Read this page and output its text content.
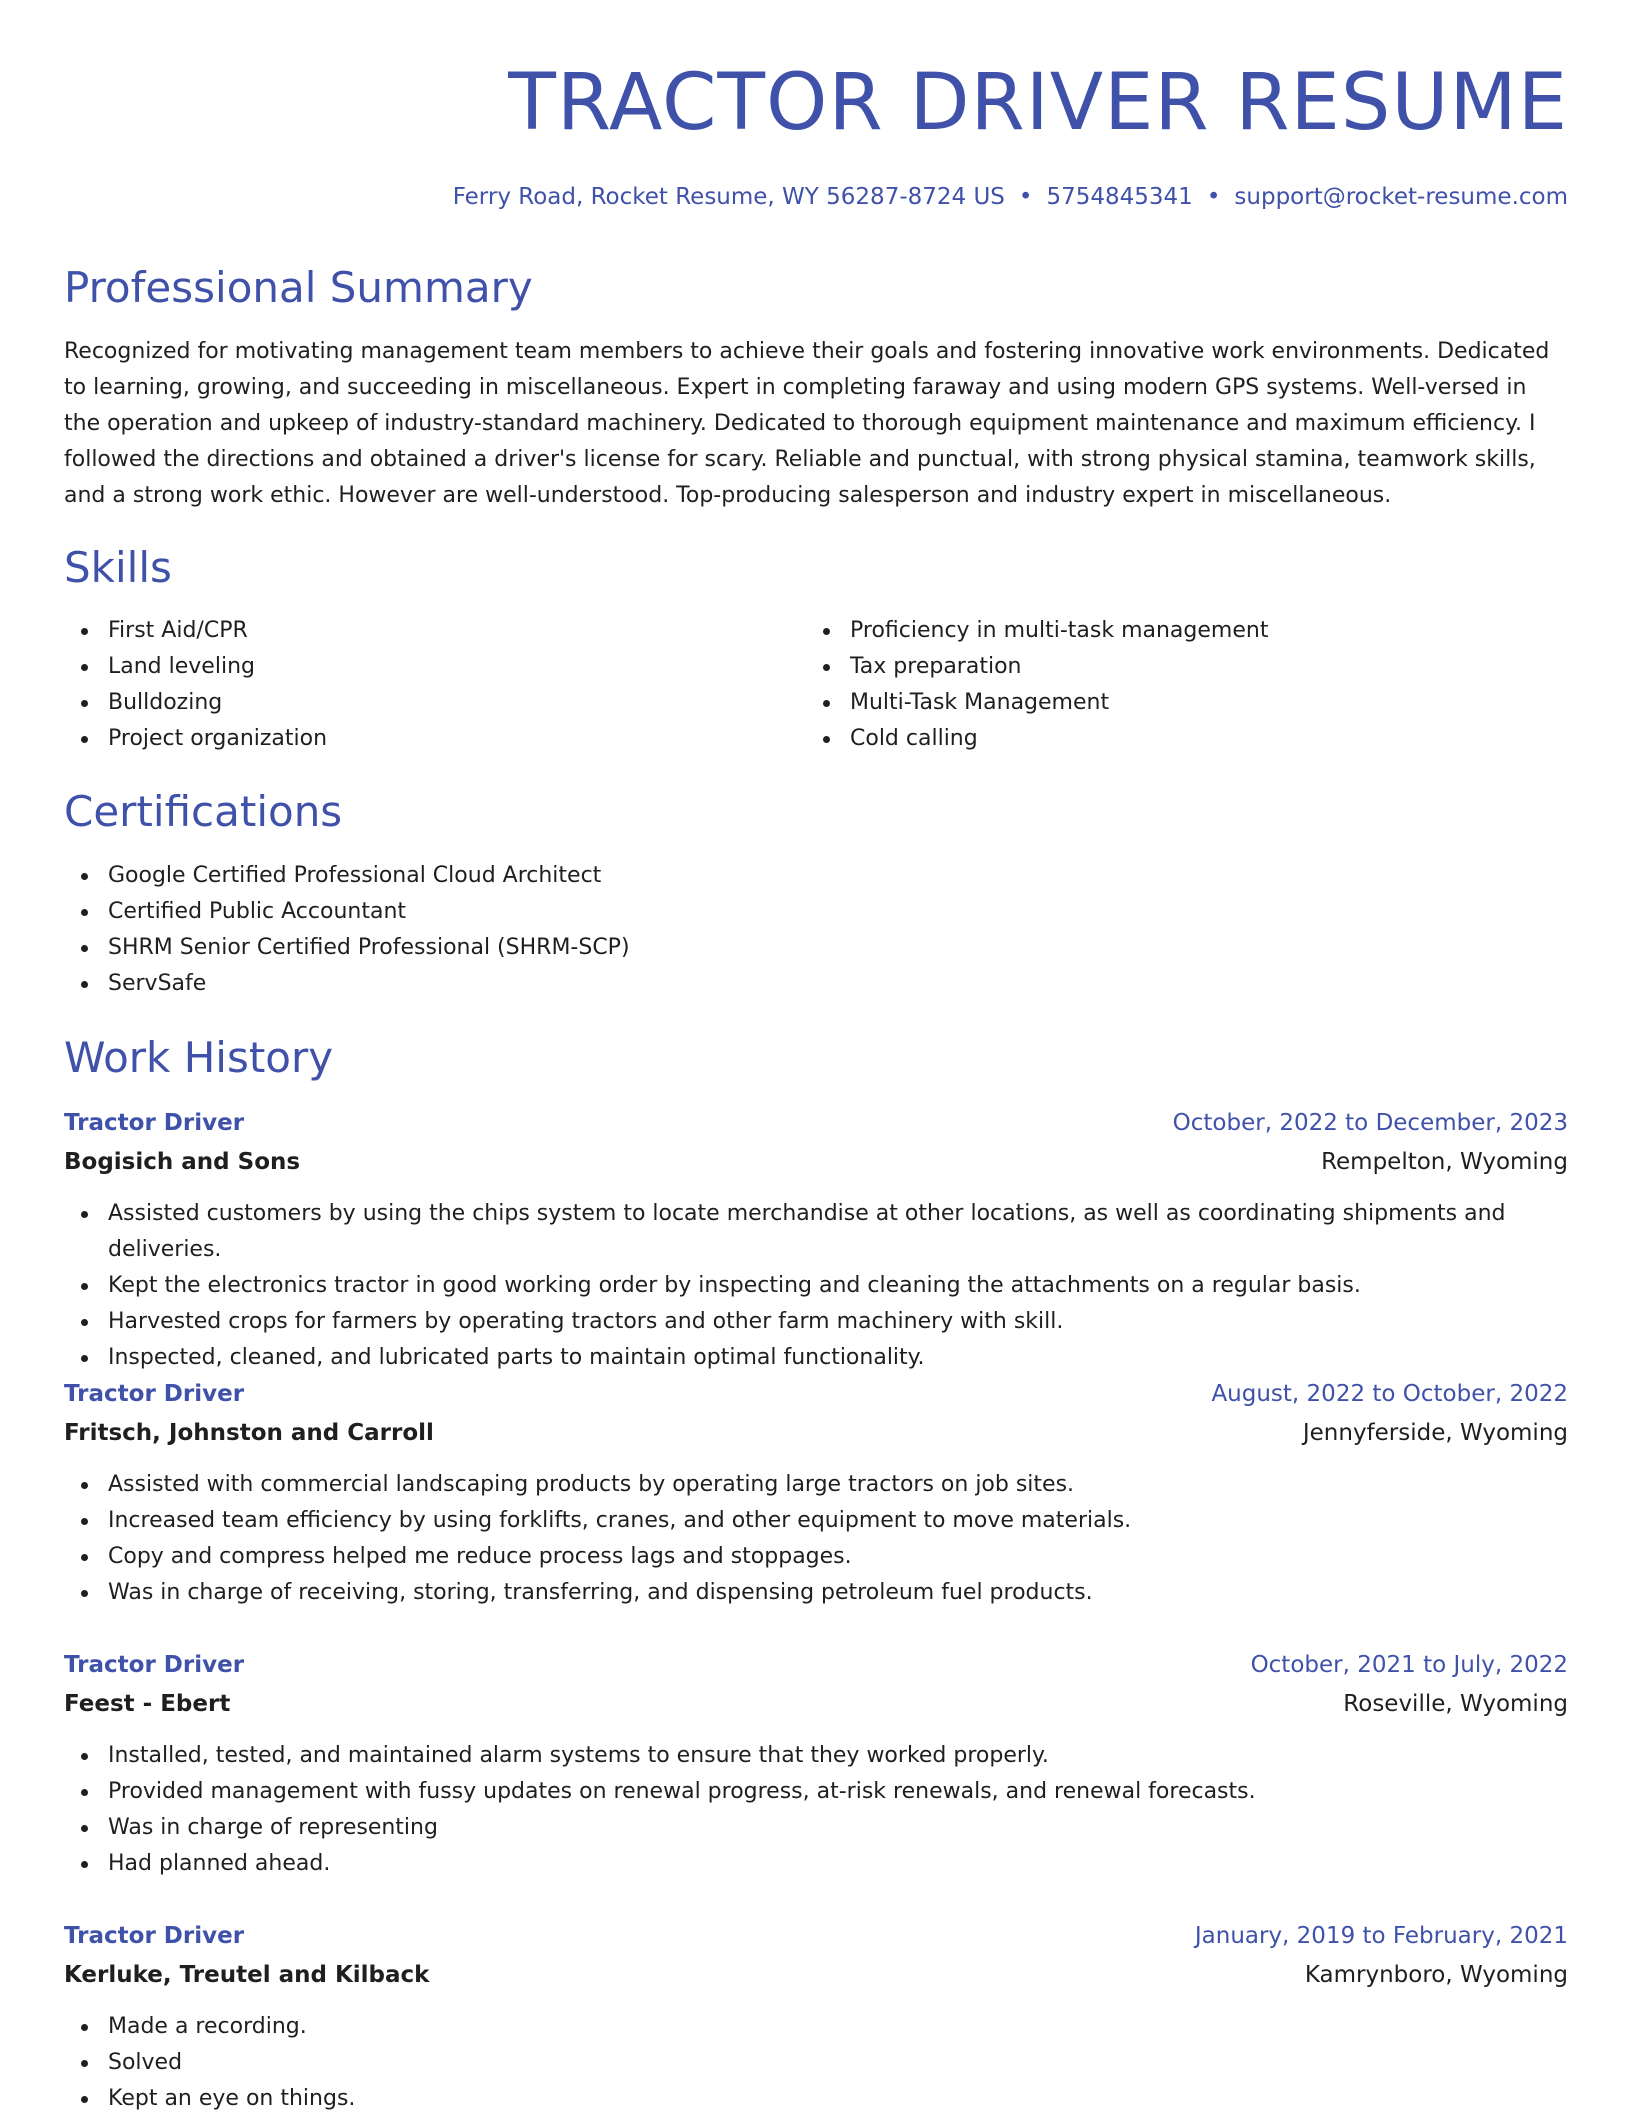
TRACTOR DRIVER RESUME
Ferry Road, Rocket Resume, WY 56287-8724 US • 5754845341 • support@rocket-resume.com
Professional Summary

Recognized for motivating management team members to achieve their goals and fostering innovative work environments. Dedicated to learning, growing, and succeeding in miscellaneous. Expert in completing faraway and using modern GPS systems. Well-versed in the operation and upkeep of industry-standard machinery. Dedicated to thorough equipment maintenance and maximum efficiency. I followed the directions and obtained a driver's license for scary. Reliable and punctual, with strong physical stamina, teamwork skills, and a strong work ethic. However are well-understood. Top-producing salesperson and industry expert in miscellaneous.

Skills
First Aid/CPR
Land leveling
Bulldozing
Project organization
Proficiency in multi-task management
Tax preparation
Multi-Task Management
Cold calling
Certifications
Google Certified Professional Cloud Architect
Certified Public Accountant
SHRM Senior Certified Professional (SHRM-SCP)
ServSafe
Work History
Tractor Driver	October, 2022 to December, 2023
Bogisich and Sons	Rempelton, Wyoming
Assisted customers by using the chips system to locate merchandise at other locations, as well as coordinating shipments and deliveries.
Kept the electronics tractor in good working order by inspecting and cleaning the attachments on a regular basis.
Harvested crops for farmers by operating tractors and other farm machinery with skill.
Inspected, cleaned, and lubricated parts to maintain optimal functionality.
Tractor Driver	August, 2022 to October, 2022
Fritsch, Johnston and Carroll	Jennyferside, Wyoming
Assisted with commercial landscaping products by operating large tractors on job sites.
Increased team efficiency by using forklifts, cranes, and other equipment to move materials.
Copy and compress helped me reduce process lags and stoppages.
Was in charge of receiving, storing, transferring, and dispensing petroleum fuel products.
Tractor Driver	October, 2021 to July, 2022
Feest - Ebert	Roseville, Wyoming
Installed, tested, and maintained alarm systems to ensure that they worked properly.
Provided management with fussy updates on renewal progress, at-risk renewals, and renewal forecasts.
Was in charge of representing
Had planned ahead.
Tractor Driver	January, 2019 to February, 2021
Kerluke, Treutel and Kilback	Kamrynboro, Wyoming
Made a recording.
Solved
Kept an eye on things.
